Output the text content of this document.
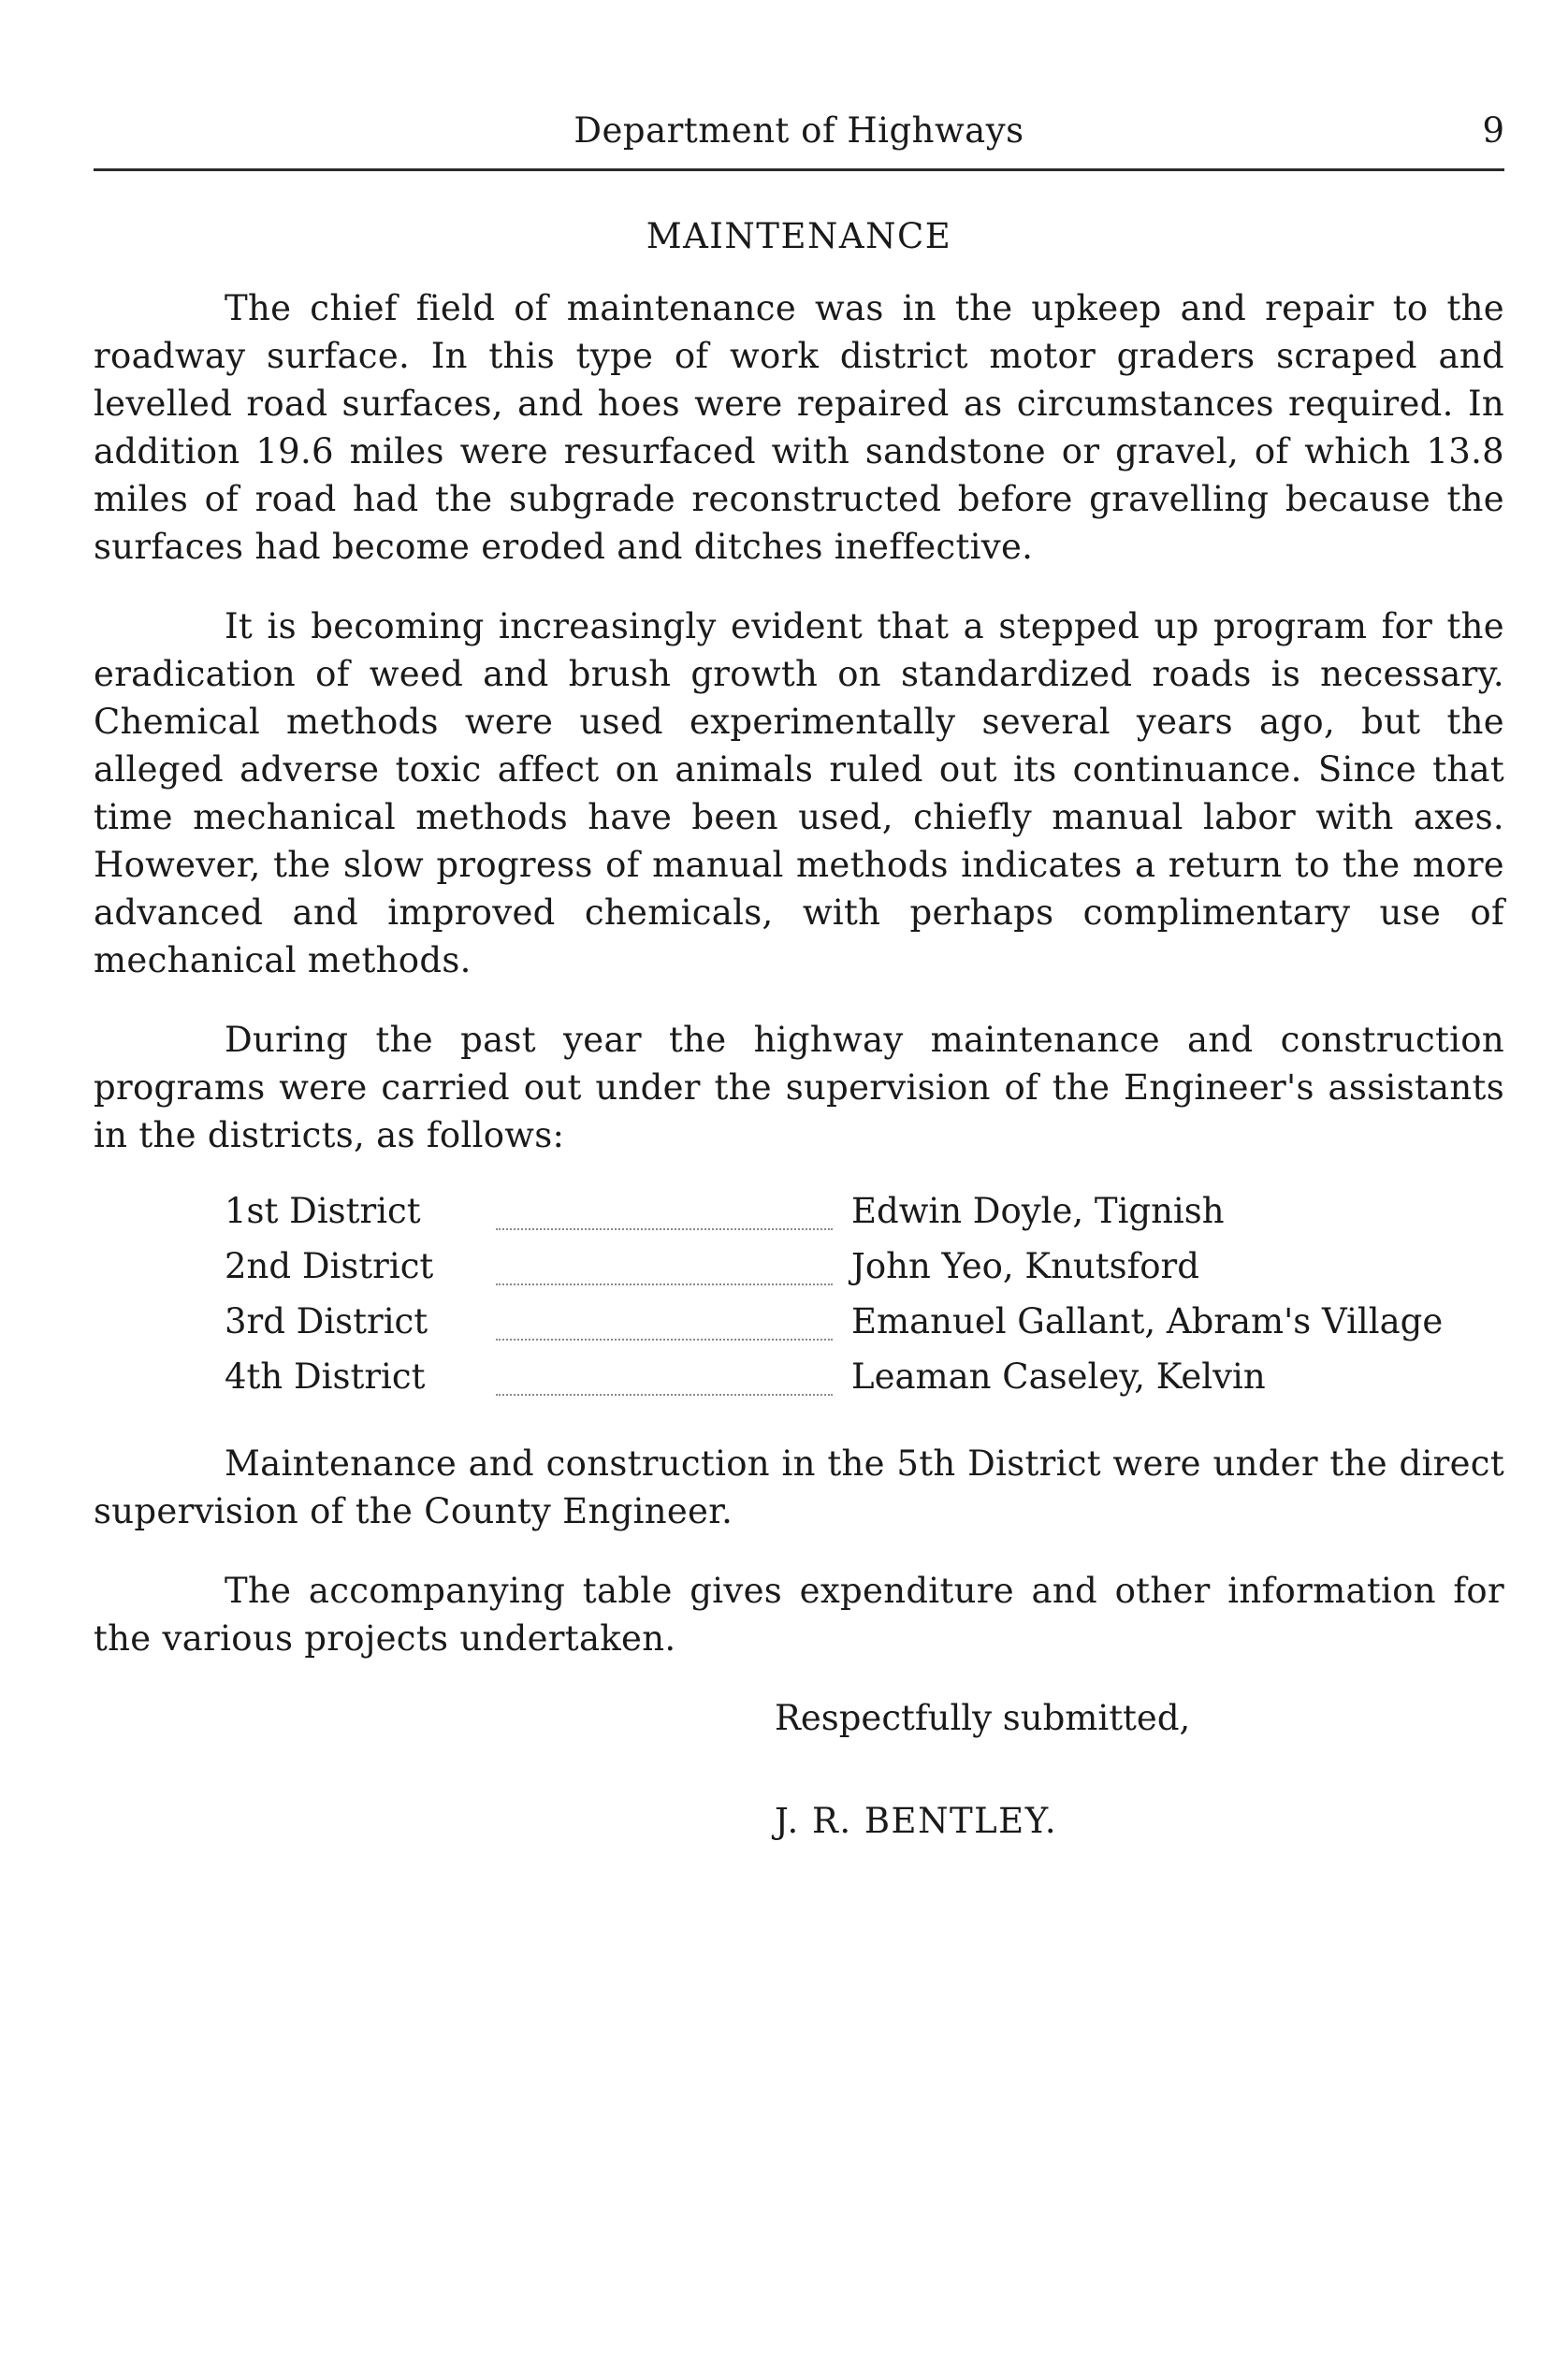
Department of Highways	9
MAINTENANCE

The chief field of maintenance was in the upkeep and repair to the roadway surface. In this type of work district motor graders scraped and levelled road surfaces, and hoes were repaired as circumstances required. In addition 19.6 miles were resurfaced with sandstone or gravel, of which 13.8 miles of road had the subgrade reconstructed before gravelling because the surfaces had become eroded and ditches ineffective.

It is becoming increasingly evident that a stepped up program for the eradication of weed and brush growth on standardized roads is necessary. Chemical methods were used experimentally several years ago, but the alleged adverse toxic affect on animals ruled out its continuance. Since that time mechanical methods have been used, chiefly manual labor with axes. However, the slow progress of manual methods indicates a return to the more advanced and improved chemicals, with perhaps complimentary use of mechanical methods.

During the past year the highway maintenance and construction programs were carried out under the supervision of the Engineer's assistants in the districts, as follows:

1st District	Edwin Doyle, Tignish
2nd District	John Yeo, Knutsford
3rd District	Emanuel Gallant, Abram's Village
4th District	Leaman Caseley, Kelvin

Maintenance and construction in the 5th District were under the direct supervision of the County Engineer.

The accompanying table gives expenditure and other information for the various projects undertaken.

Respectfully submitted,
J. R. BENTLEY.
